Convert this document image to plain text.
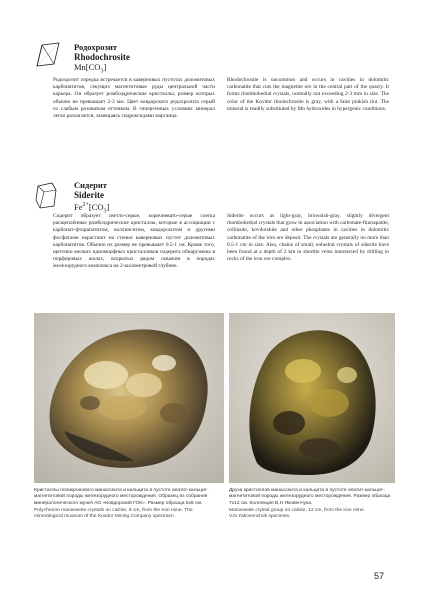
Родохрозит
Rhodochrosite
$Mn[CO_3]$
Родохрозит изредка встречается в каверновых пустотах доломитовых карбонатитов, секущих магнетитовые руды центральной части карьера. Он образует ромбоэдрические кристаллы, размер которых обычно не превышает 2-3 мм. Цвет ковдорского родохрозита серый со слабым розоватым оттенком. В гипергенных условиях минерал легко разлагается, замещаясь гидроксидами марганца.
Rhodochrosite is uncommon and occurs in cavities in dolomitic carbonatite that cuts the magnetite ore in the central part of the quarry. It forms rhombohedral crystals, normally not exceeding 2-3 mm in size. The color of the Kovdor rhodochrosite is gray, with a faint pinkish tint. The mineral is readily substituted by Mn hydroxides in hypergenic conditions.
Сидерит
Siderite
$Fe^{2+}[CO_3]$
Сидерит образует светло-серые, коричневато-серые слегка расщеплённые ромбоэдрические кристаллы, которые в ассоциации с карбонат-фторапатитом, коллинситом, ковдорскитом и другими фосфатами нарастают на стенки каверновых пустот доломитовых карбонатитов. Обычно их размер не превышает 0.5-1 см. Кроме того, щеточки мелких идиоморфных кристалликов сидерита обнаружены в порфировых жилах, вскрытых рядом скважин в породах железорудного комплекса на 2-километровой глубине.
Siderite occurs as light-gray, brownish-gray, slightly divergent rhombohedral crystals that grow in association with carbonate-fluorapatite, collinsite, kovdorskite and other phosphates in cavities in dolomitic carbonatite of the iron ore deposit. The crystals are generally no more than 0.5-1 cm in size. Also, chains of small, euhedral crystals of siderite have been found at a depth of 2 km in shortite veins intersected by drilling in rocks of the iron ore complex.
Кристаллы поликронового манассеита и кальцита в пустоте апатит-кальцит-магнетитовой породы железорудного месторождения. Образец из собрания минералогического музея АО «Ковдорский ГОК». Размер образца 5x6 см.
Polychrome manasseite crystals on calcite, 6 cm, from the iron mine. The mineralogical museum of the Kovdor Mining Company specimen.
Друза кристаллов манассеита и кальцита в пустоте апатит-кальцит-магнетитовой породы железорудного месторождения. Размер образца 7x12 см. Коллекция В.Н.Яковенчука.
Manasseite crystal group on calcite, 12 cm, from the iron mine. V.N.Yakovenchuk specimen.
57
